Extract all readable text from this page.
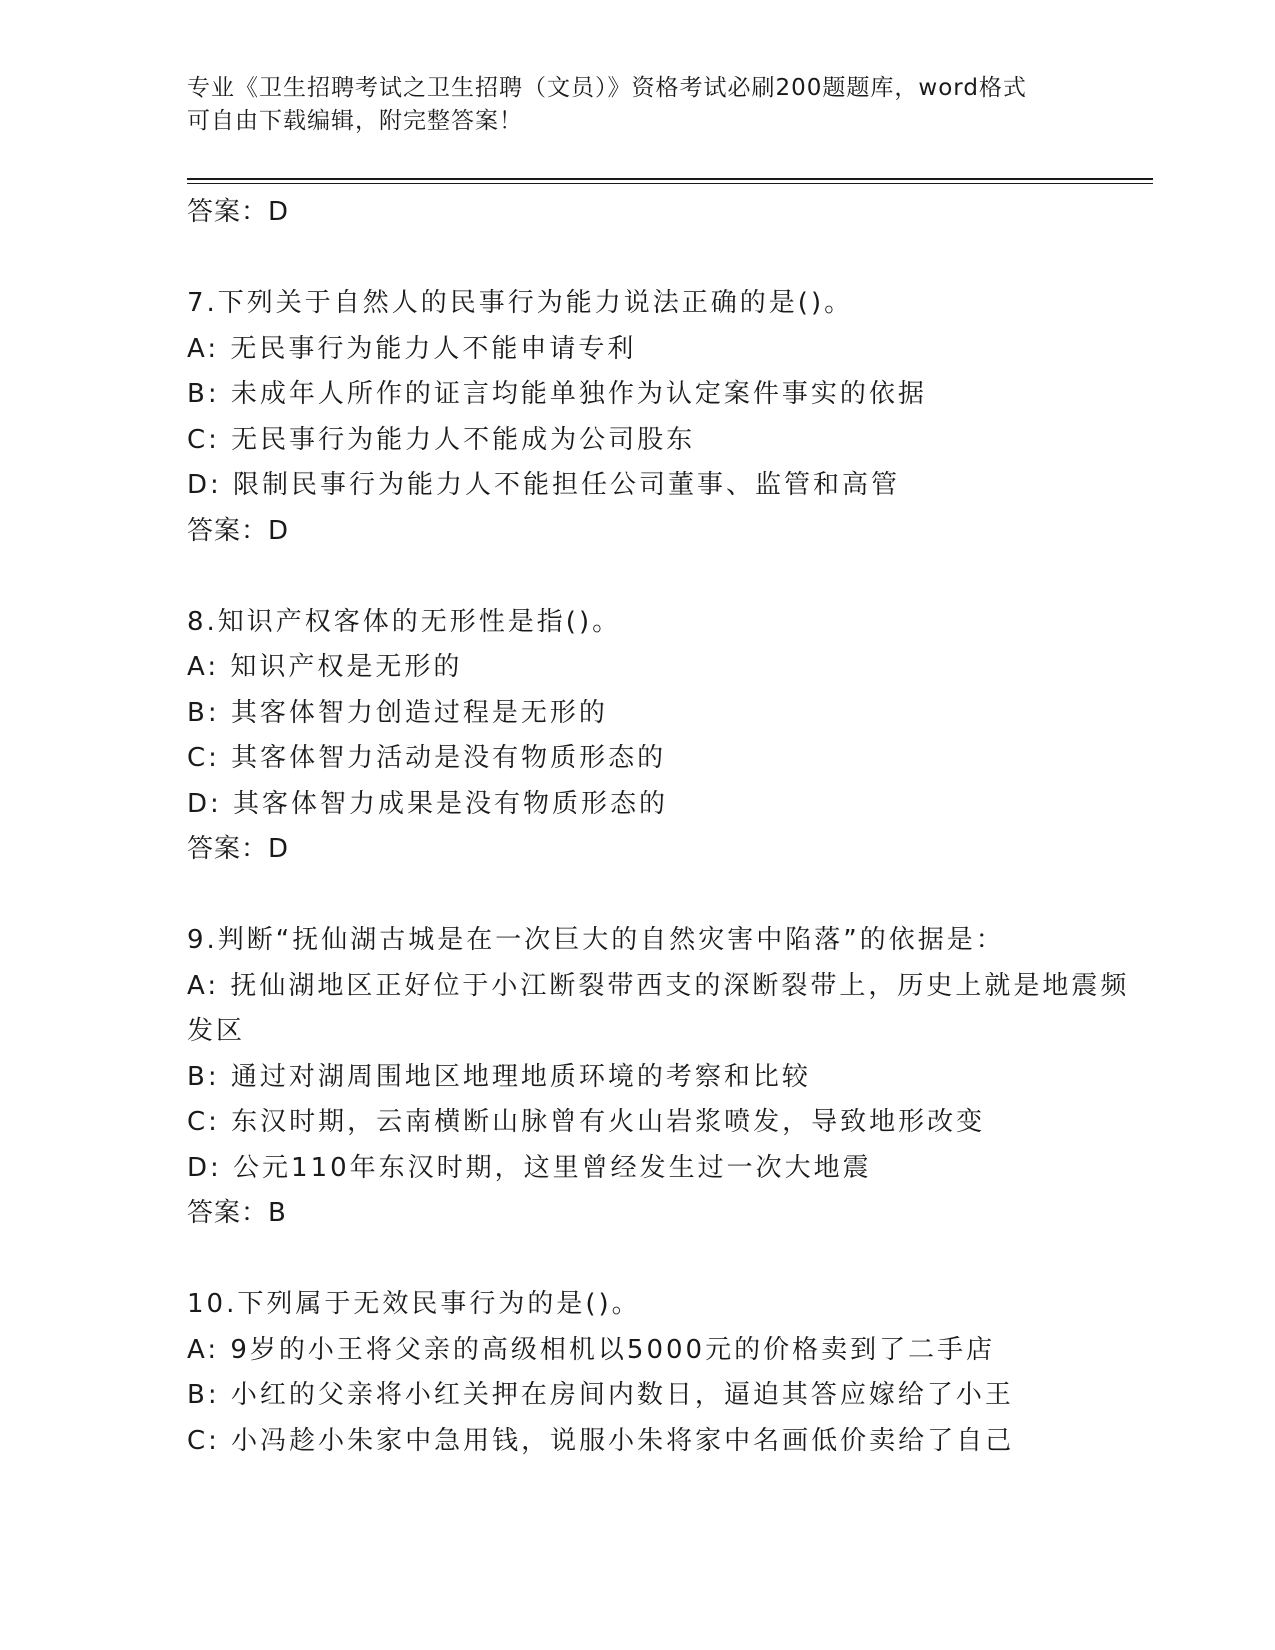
专业《卫生招聘考试之卫生招聘（文员）》资格考试必刷200题题库，word格式
可自由下载编辑，附完整答案！
答案：D
7.下列关于自然人的民事行为能力说法正确的是()。
A: 无民事行为能力人不能申请专利
B: 未成年人所作的证言均能单独作为认定案件事实的依据
C: 无民事行为能力人不能成为公司股东
D: 限制民事行为能力人不能担任公司董事、监管和高管
答案：D
8.知识产权客体的无形性是指()。
A: 知识产权是无形的
B: 其客体智力创造过程是无形的
C: 其客体智力活动是没有物质形态的
D: 其客体智力成果是没有物质形态的
答案：D
9.判断“抚仙湖古城是在一次巨大的自然灾害中陷落”的依据是：
A: 抚仙湖地区正好位于小江断裂带西支的深断裂带上，历史上就是地震频发区
B: 通过对湖周围地区地理地质环境的考察和比较
C: 东汉时期，云南横断山脉曾有火山岩浆喷发，导致地形改变
D: 公元110年东汉时期，这里曾经发生过一次大地震
答案：B
10.下列属于无效民事行为的是()。
A: 9岁的小王将父亲的高级相机以5000元的价格卖到了二手店
B: 小红的父亲将小红关押在房间内数日，逼迫其答应嫁给了小王
C: 小冯趁小朱家中急用钱，说服小朱将家中名画低价卖给了自己
